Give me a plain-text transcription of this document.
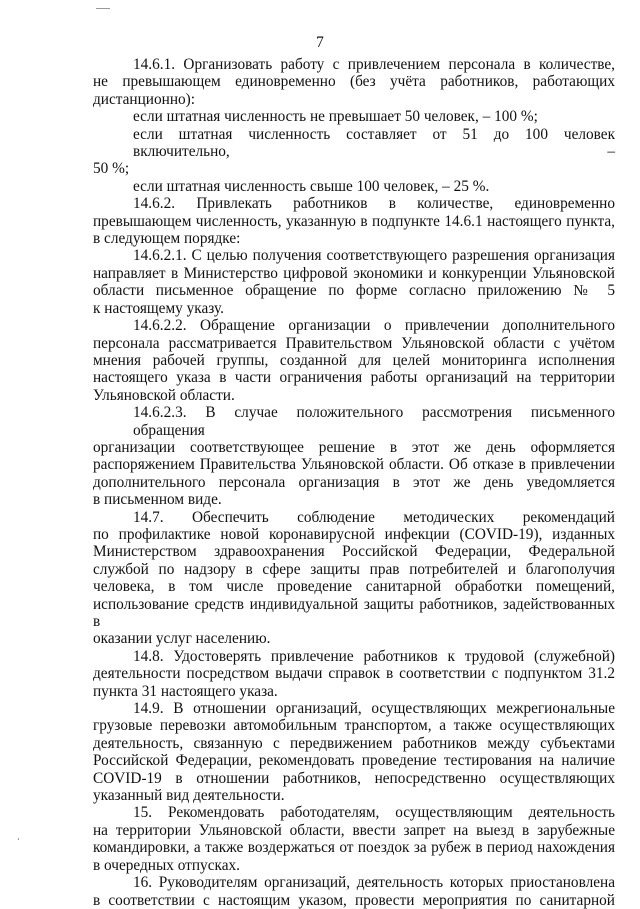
7
14.6.1. Организовать работу с привлечением персонала в количестве,
не превышающем единовременно (без учёта работников, работающих
дистанционно):
если штатная численность не превышает 50 человек, – 100 %;
если штатная численность составляет от 51 до 100 человек включительно, –
50 %;
если штатная численность свыше 100 человек, – 25 %.
14.6.2. Привлекать работников в количестве, единовременно
превышающем численность, указанную в подпункте 14.6.1 настоящего пункта,
в следующем порядке:
14.6.2.1. С целью получения соответствующего разрешения организация
направляет в Министерство цифровой экономики и конкуренции Ульяновской
области письменное обращение по форме согласно приложению № 5
к настоящему указу.
14.6.2.2. Обращение организации о привлечении дополнительного
персонала рассматривается Правительством Ульяновской области с учётом
мнения рабочей группы, созданной для целей мониторинга исполнения
настоящего указа в части ограничения работы организаций на территории
Ульяновской области.
14.6.2.3. В случае положительного рассмотрения письменного обращения
организации соответствующее решение в этот же день оформляется
распоряжением Правительства Ульяновской области. Об отказе в привлечении
дополнительного персонала организация в этот же день уведомляется
в письменном виде.
14.7. Обеспечить соблюдение методических рекомендаций
по профилактике новой коронавирусной инфекции (COVID-19), изданных
Министерством здравоохранения Российской Федерации, Федеральной
службой по надзору в сфере защиты прав потребителей и благополучия
человека, в том числе проведение санитарной обработки помещений,
использование средств индивидуальной защиты работников, задействованных в
оказании услуг населению.
14.8. Удостоверять привлечение работников к трудовой (служебной)
деятельности посредством выдачи справок в соответствии с подпунктом 31.2
пункта 31 настоящего указа.
14.9. В отношении организаций, осуществляющих межрегиональные
грузовые перевозки автомобильным транспортом, а также осуществляющих
деятельность, связанную с передвижением работников между субъектами
Российской Федерации, рекомендовать проведение тестирования на наличие
COVID-19 в отношении работников, непосредственно осуществляющих
указанный вид деятельности.
15. Рекомендовать работодателям, осуществляющим деятельность
на территории Ульяновской области, ввести запрет на выезд в зарубежные
командировки, а также воздержаться от поездок за рубеж в период нахождения
в очередных отпусках.
16. Руководителям организаций, деятельность которых приостановлена
в соответствии с настоящим указом, провести мероприятия по санитарной
